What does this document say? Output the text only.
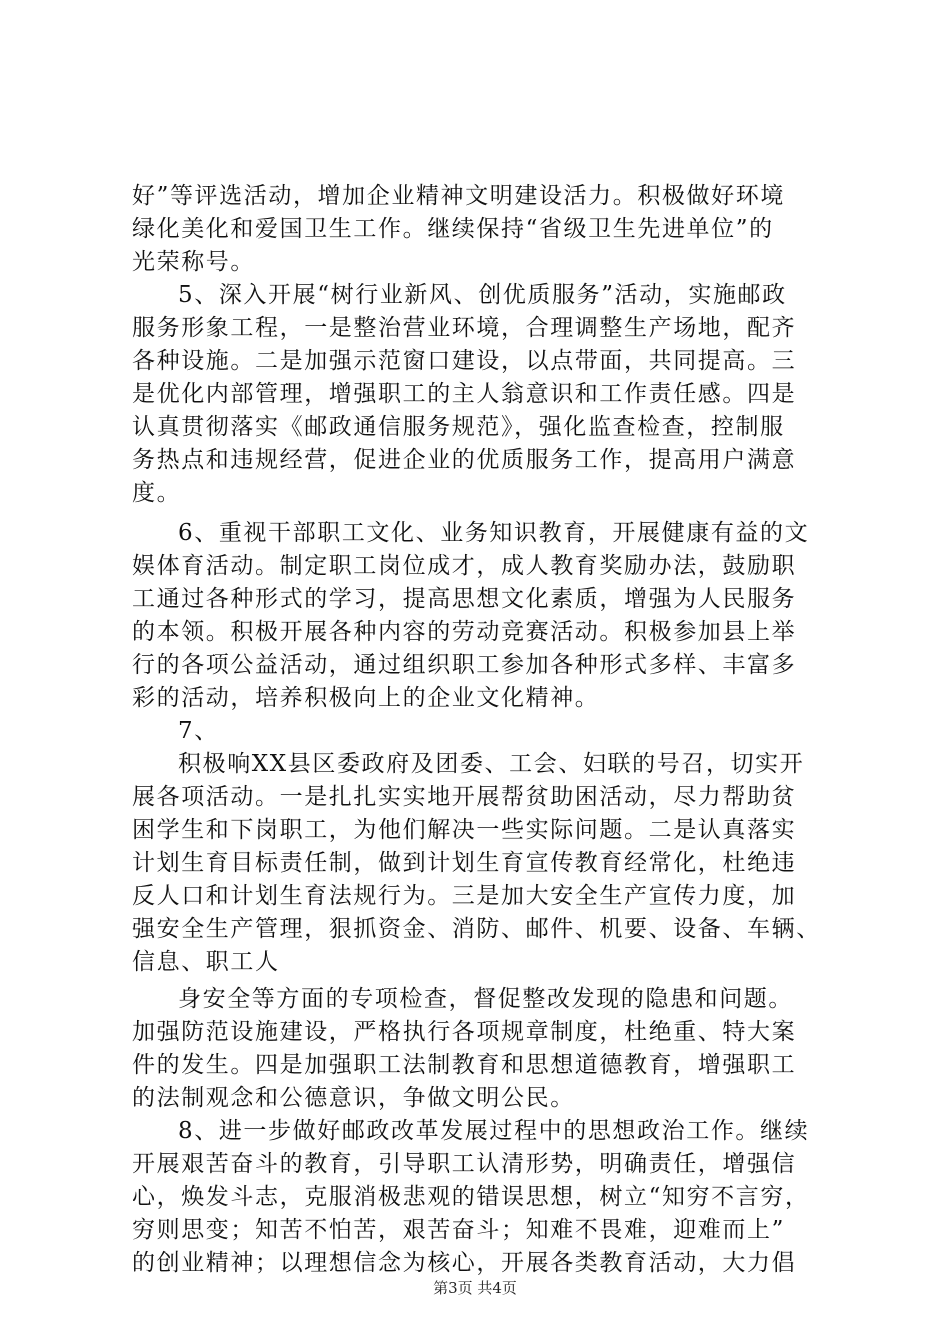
好”等评选活动，增加企业精神文明建设活力。积极做好环境
绿化美化和爱国卫生工作。继续保持“省级卫生先进单位”的
光荣称号。
5、深入开展“树行业新风、创优质服务”活动，实施邮政
服务形象工程，一是整治营业环境，合理调整生产场地，配齐
各种设施。二是加强示范窗口建设，以点带面，共同提高。三
是优化内部管理，增强职工的主人翁意识和工作责任感。四是
认真贯彻落实《邮政通信服务规范》，强化监查检查，控制服
务热点和违规经营，促进企业的优质服务工作，提高用户满意
度。
6、重视干部职工文化、业务知识教育，开展健康有益的文
娱体育活动。制定职工岗位成才，成人教育奖励办法，鼓励职
工通过各种形式的学习，提高思想文化素质，增强为人民服务
的本领。积极开展各种内容的劳动竞赛活动。积极参加县上举
行的各项公益活动，通过组织职工参加各种形式多样、丰富多
彩的活动，培养积极向上的企业文化精神。
7、
积极响XX县区委政府及团委、工会、妇联的号召，切实开
展各项活动。一是扎扎实实地开展帮贫助困活动，尽力帮助贫
困学生和下岗职工，为他们解决一些实际问题。二是认真落实
计划生育目标责任制，做到计划生育宣传教育经常化，杜绝违
反人口和计划生育法规行为。三是加大安全生产宣传力度，加
强安全生产管理，狠抓资金、消防、邮件、机要、设备、车辆、
信息、职工人
身安全等方面的专项检查，督促整改发现的隐患和问题。
加强防范设施建设，严格执行各项规章制度，杜绝重、特大案
件的发生。四是加强职工法制教育和思想道德教育，增强职工
的法制观念和公德意识，争做文明公民。
8、进一步做好邮政改革发展过程中的思想政治工作。继续
开展艰苦奋斗的教育，引导职工认清形势，明确责任，增强信
心，焕发斗志，克服消极悲观的错误思想，树立“知穷不言穷，
穷则思变；知苦不怕苦，艰苦奋斗；知难不畏难，迎难而上”
的创业精神；以理想信念为核心，开展各类教育活动，大力倡
第3页 共4页
